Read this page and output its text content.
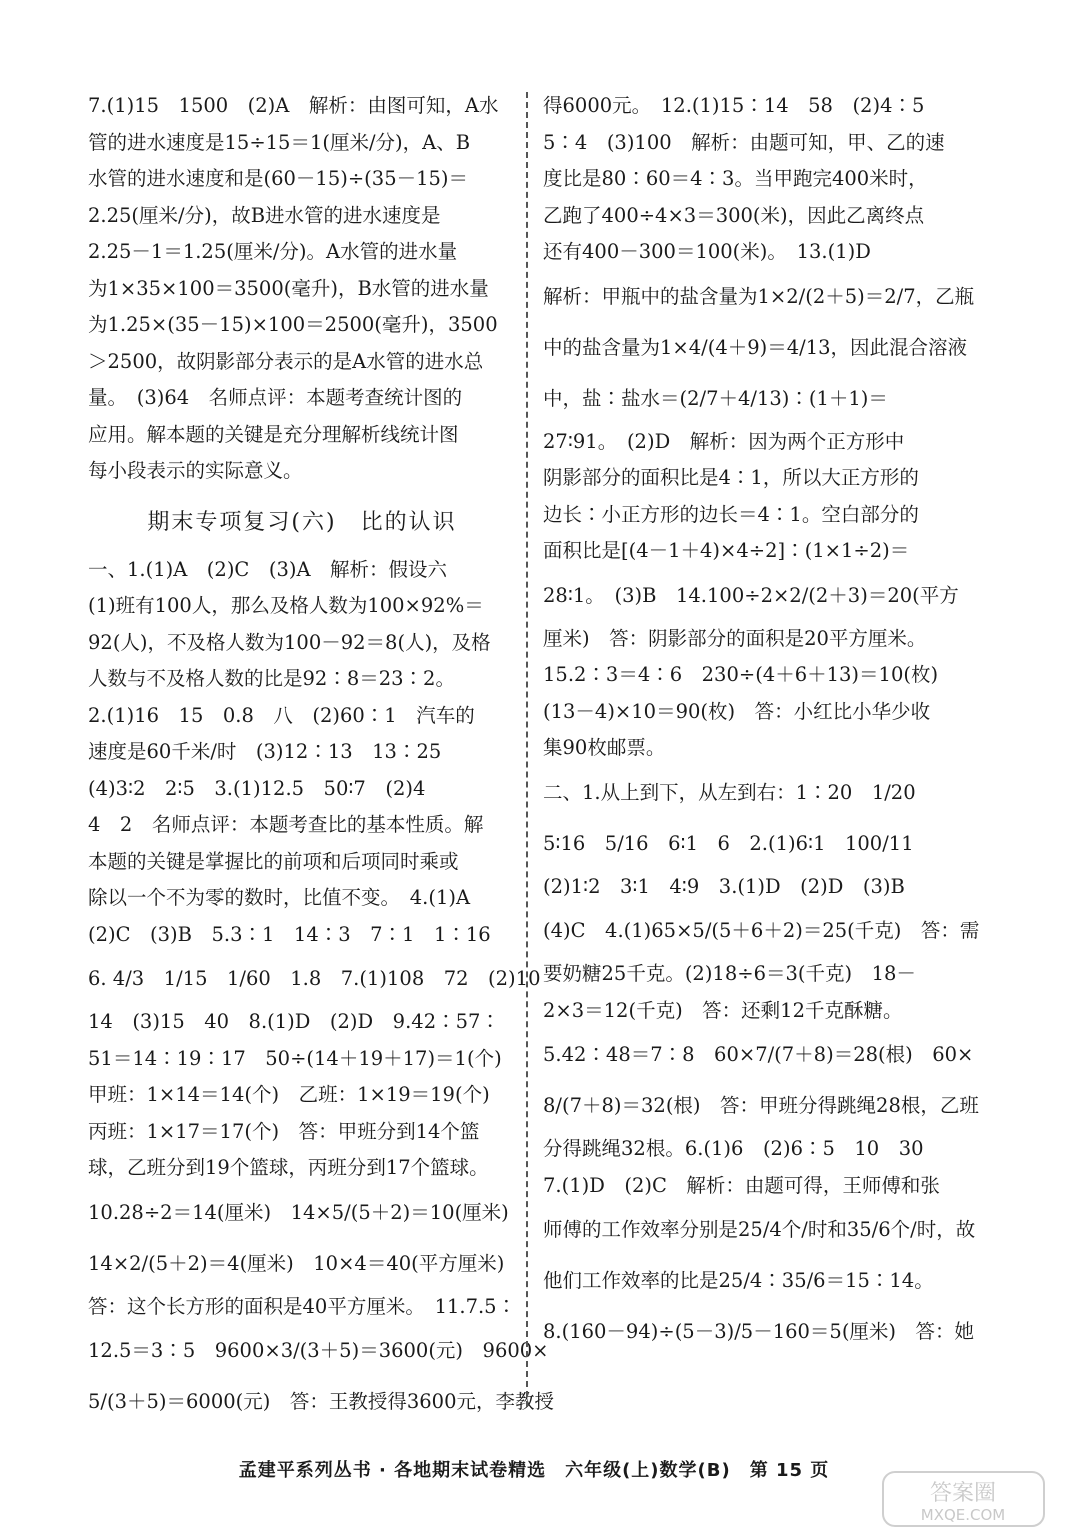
7.(1)15　1500　(2)A　解析：由图可知，A水
管的进水速度是15÷15＝1(厘米/分)，A、B
水管的进水速度和是(60－15)÷(35－15)＝
2.25(厘米/分)，故B进水管的进水速度是
2.25－1＝1.25(厘米/分)。A水管的进水量
为1×35×100＝3500(毫升)，B水管的进水量
为1.25×(35－15)×100＝2500(毫升)，3500
＞2500，故阴影部分表示的是A水管的进水总
量。　(3)64　名师点评：本题考查统计图的
应用。解本题的关键是充分理解析线统计图
每小段表示的实际意义。
期末专项复习(六)　比的认识
一、1.(1)A　(2)C　(3)A　解析：假设六
(1)班有100人，那么及格人数为100×92%＝
92(人)，不及格人数为100－92＝8(人)，及格
人数与不及格人数的比是92∶8＝23∶2。
2.(1)16　15　0.8　八　(2)60∶1　汽车的
速度是60千米/时　(3)12∶13　13∶25
(4)3∶2　2∶5　3.(1)12.5　50∶7　(2)4
4　2　名师点评：本题考查比的基本性质。解
本题的关键是掌握比的前项和后项同时乘或
除以一个不为零的数时，比值不变。　4.(1)A
(2)C　(3)B　5.3∶1　14∶3　7∶1　1∶16
6. 4/3　1/15　1/60　1.8　7.(1)108　72　(2)10
14　(3)15　40　8.(1)D　(2)D　9.42∶57∶
51＝14∶19∶17　50÷(14＋19＋17)＝1(个)
甲班：1×14＝14(个)　乙班：1×19＝19(个)
丙班：1×17＝17(个)　答：甲班分到14个篮
球，乙班分到19个篮球，丙班分到17个篮球。
10.28÷2＝14(厘米)　14×5/(5＋2)＝10(厘米)
14×2/(5＋2)＝4(厘米)　10×4＝40(平方厘米)
答：这个长方形的面积是40平方厘米。　11.7.5∶
12.5＝3∶5　9600×3/(3＋5)＝3600(元)　9600×
5/(3＋5)＝6000(元)　答：王教授得3600元，李教授
得6000元。　12.(1)15∶14　58　(2)4∶5
5∶4　(3)100　解析：由题可知，甲、乙的速
度比是80∶60＝4∶3。当甲跑完400米时，
乙跑了400÷4×3＝300(米)，因此乙离终点
还有400－300＝100(米)。　13.(1)D
解析：甲瓶中的盐含量为1×2/(2＋5)＝2/7，乙瓶
中的盐含量为1×4/(4＋9)＝4/13，因此混合溶液
中，盐∶盐水＝(2/7＋4/13)∶(1＋1)＝
27∶91。　(2)D　解析：因为两个正方形中
阴影部分的面积比是4∶1，所以大正方形的
边长∶小正方形的边长＝4∶1。空白部分的
面积比是[(4－1＋4)×4÷2]∶(1×1÷2)＝
28∶1。　(3)B　14.100÷2×2/(2＋3)＝20(平方
厘米)　答：阴影部分的面积是20平方厘米。
15.2∶3＝4∶6　230÷(4＋6＋13)＝10(枚)
(13－4)×10＝90(枚)　答：小红比小华少收
集90枚邮票。
二、1.从上到下，从左到右：1∶20　1/20
5∶16　5/16　6∶1　6　2.(1)6∶1　100/11
(2)1∶2　3∶1　4∶9　3.(1)D　(2)D　(3)B
(4)C　4.(1)65×5/(5＋6＋2)＝25(千克)　答：需
要奶糖25千克。(2)18÷6＝3(千克)　18－
2×3＝12(千克)　答：还剩12千克酥糖。
5.42∶48＝7∶8　60×7/(7＋8)＝28(根)　60×
8/(7＋8)＝32(根)　答：甲班分得跳绳28根，乙班
分得跳绳32根。6.(1)6　(2)6∶5　10　30
7.(1)D　(2)C　解析：由题可得，王师傅和张
师傅的工作效率分别是25/4个/时和35/6个/时，故
他们工作效率的比是25/4∶35/6＝15∶14。
8.(160－94)÷(5－3)/5－160＝5(厘米)　答：她
孟建平系列丛书 · 各地期末试卷精选　六年级(上)数学(B)　第 15 页
答案圈
MXQE.COM
